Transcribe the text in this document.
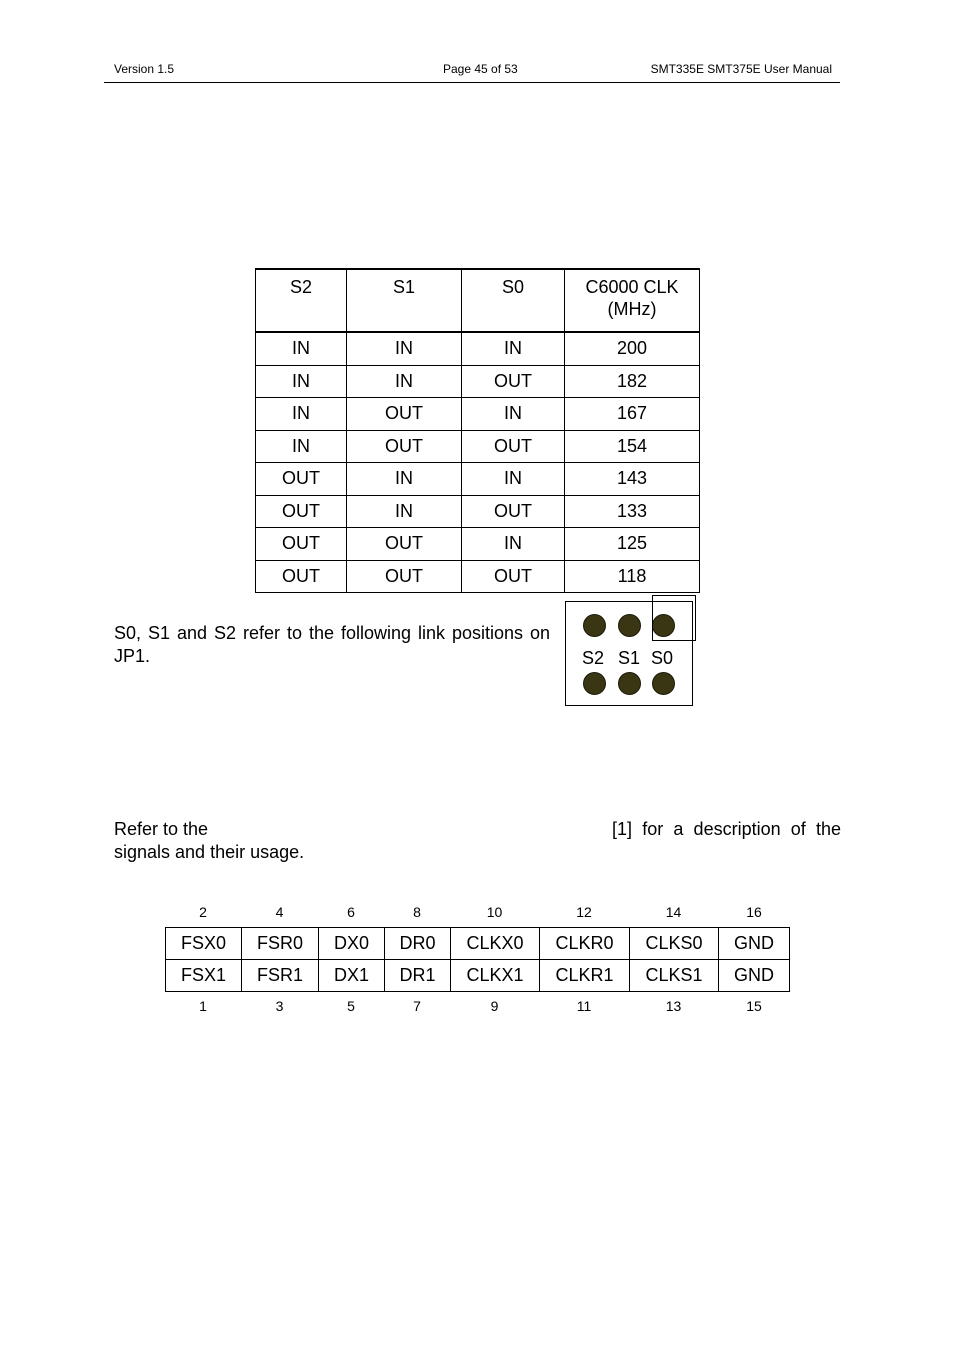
Version 1.5	Page 45 of 53	SMT335E SMT375E User Manual
S2	S1	S0	C6000 CLK
(MHz)
IN	IN	IN	200
IN	IN	OUT	182
IN	OUT	IN	167
IN	OUT	OUT	154
OUT	IN	IN	143
OUT	IN	OUT	133
OUT	OUT	IN	125
OUT	OUT	OUT	118
S0, S1 and S2 refer to the following link positions on JP1.	S2 S1 S0
Refer to the	[1] for a description of the
signals and their usage.
2	4	6	8	10	12	14	16
FSX0	FSR0	DX0	DR0	CLKX0	CLKR0	CLKS0	GND
FSX1	FSR1	DX1	DR1	CLKX1	CLKR1	CLKS1	GND
1	3	5	7	9	11	13	15
